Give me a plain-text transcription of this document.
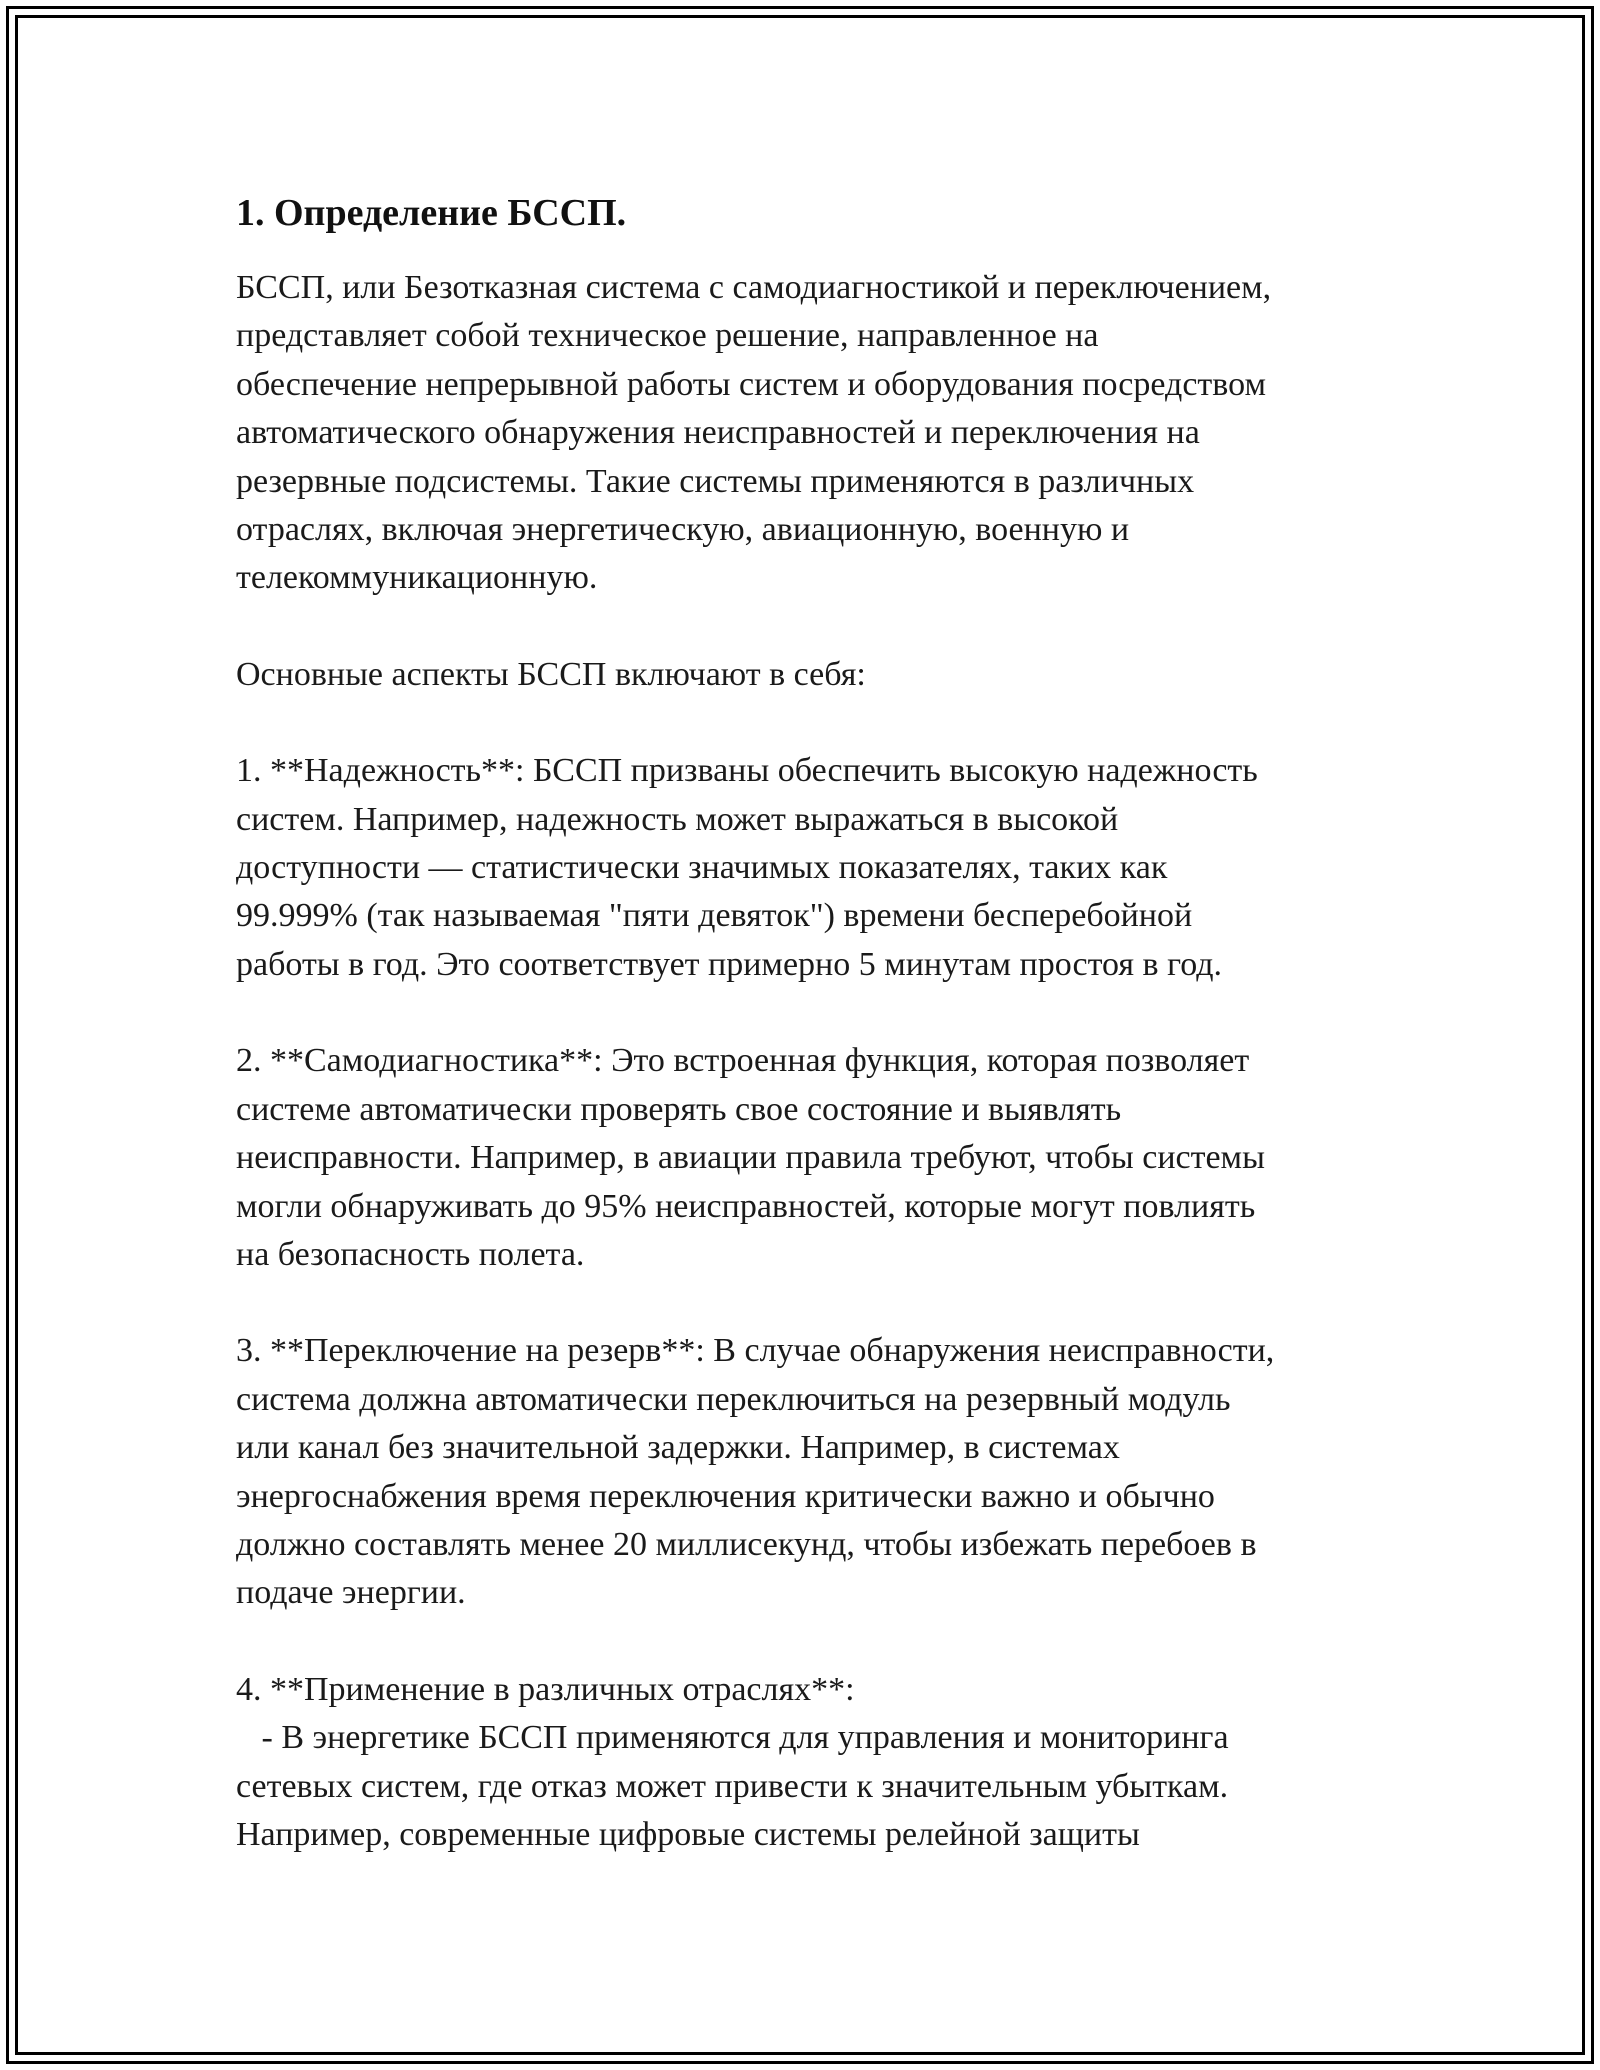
1. Определение БССП.

БССП, или Безотказная система с самодиагностикой и переключением,
представляет собой техническое решение, направленное на
обеспечение непрерывной работы систем и оборудования посредством
автоматического обнаружения неисправностей и переключения на
резервные подсистемы. Такие системы применяются в различных
отраслях, включая энергетическую, авиационную, военную и
телекоммуникационную.

Основные аспекты БССП включают в себя:

1. **Надежность**: БССП призваны обеспечить высокую надежность
систем. Например, надежность может выражаться в высокой
доступности — статистически значимых показателях, таких как
99.999% (так называемая "пяти девяток") времени бесперебойной
работы в год. Это соответствует примерно 5 минутам простоя в год.

2. **Самодиагностика**: Это встроенная функция, которая позволяет
системе автоматически проверять свое состояние и выявлять
неисправности. Например, в авиации правила требуют, чтобы системы
могли обнаруживать до 95% неисправностей, которые могут повлиять
на безопасность полета.

3. **Переключение на резерв**: В случае обнаружения неисправности,
система должна автоматически переключиться на резервный модуль
или канал без значительной задержки. Например, в системах
энергоснабжения время переключения критически важно и обычно
должно составлять менее 20 миллисекунд, чтобы избежать перебоев в
подаче энергии.

4. **Применение в различных отраслях**:
- В энергетике БССП применяются для управления и мониторинга
сетевых систем, где отказ может привести к значительным убыткам.
Например, современные цифровые системы релейной защиты
